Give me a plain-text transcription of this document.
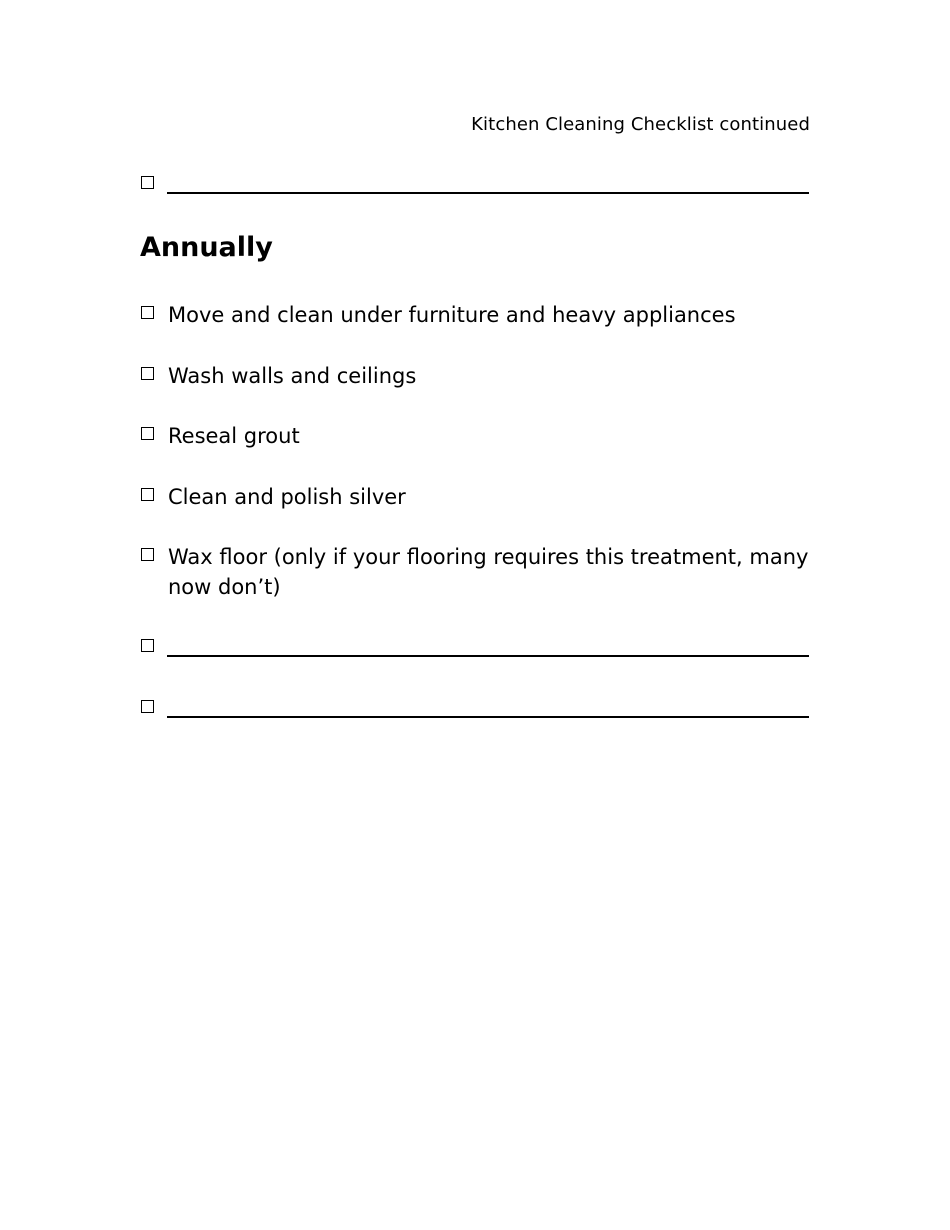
Kitchen Cleaning Checklist continued
Annually
Move and clean under furniture and heavy appliances
Wash walls and ceilings
Reseal grout
Clean and polish silver
Wax floor (only if your flooring requires this treatment, many now don’t)
